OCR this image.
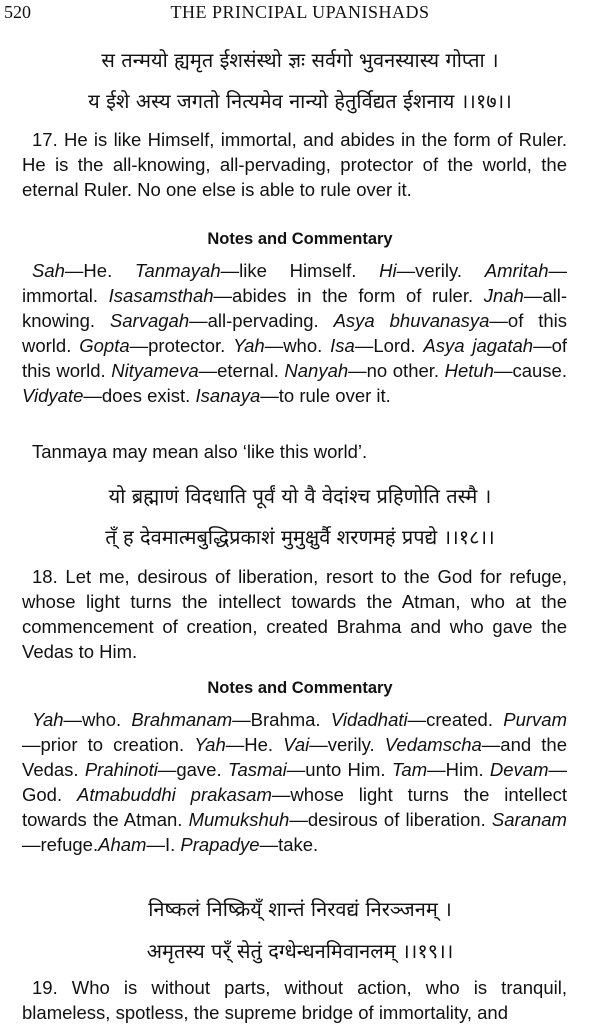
520	THE PRINCIPAL UPANISHADS
स तन्मयो ह्यमृत ईशसंस्थो ज्ञः सर्वगो भुवनस्यास्य गोप्ता ।
य ईशे अस्य जगतो नित्यमेव नान्यो हेतुर्विद्यत ईशनाय ।।१७।।

17. He is like Himself, immortal, and abides in the form of Ruler. He is the all-knowing, all-pervading, protector of the world, the eternal Ruler. No one else is able to rule over it.

Notes and Commentary

Sah—He. Tanmayah—like Himself. Hi—verily. Amritah—immortal. Isasamsthah—abides in the form of ruler. Jnah—all-knowing. Sarvagah—all-pervading. Asya bhuvanasya—of this world. Gopta—protector. Yah—who. Isa—Lord. Asya jagatah—of this world. Nityameva—eternal. Nanyah—no other. Hetuh—cause. Vidyate—does exist. Isanaya—to rule over it.

Tanmaya may mean also ‘like this world’.

यो ब्रह्माणं विदधाति पूर्वं यो वै वेदांश्च प्रहिणोति तस्मै ।
त्ँ ह देवमात्मबुद्धिप्रकाशं मुमुक्षुर्वै शरणमहं प्रपद्ये ।।१८।।

18. Let me, desirous of liberation, resort to the God for refuge, whose light turns the intellect towards the Atman, who at the commencement of creation, created Brahma and who gave the Vedas to Him.

Notes and Commentary

Yah—who. Brahmanam—Brahma. Vidadhati—created. Purvam—prior to creation. Yah—He. Vai—verily. Vedamscha—and the Vedas. Prahinoti—gave. Tasmai—unto Him. Tam—Him. Devam—God. Atmabuddhi prakasam—whose light turns the intellect towards the Atman. Mumukshuh—desirous of liberation. Saranam—refuge.Aham—I. Prapadye—take.

निष्कलं निष्क्रिय्ँ शान्तं निरवद्यं निरञ्जनम् ।
अमृतस्य पर्ँ सेतुं दग्धेन्धनमिवानलम् ।।१९।।

19. Who is without parts, without action, who is tranquil, blameless, spotless, the supreme bridge of immortality, and
